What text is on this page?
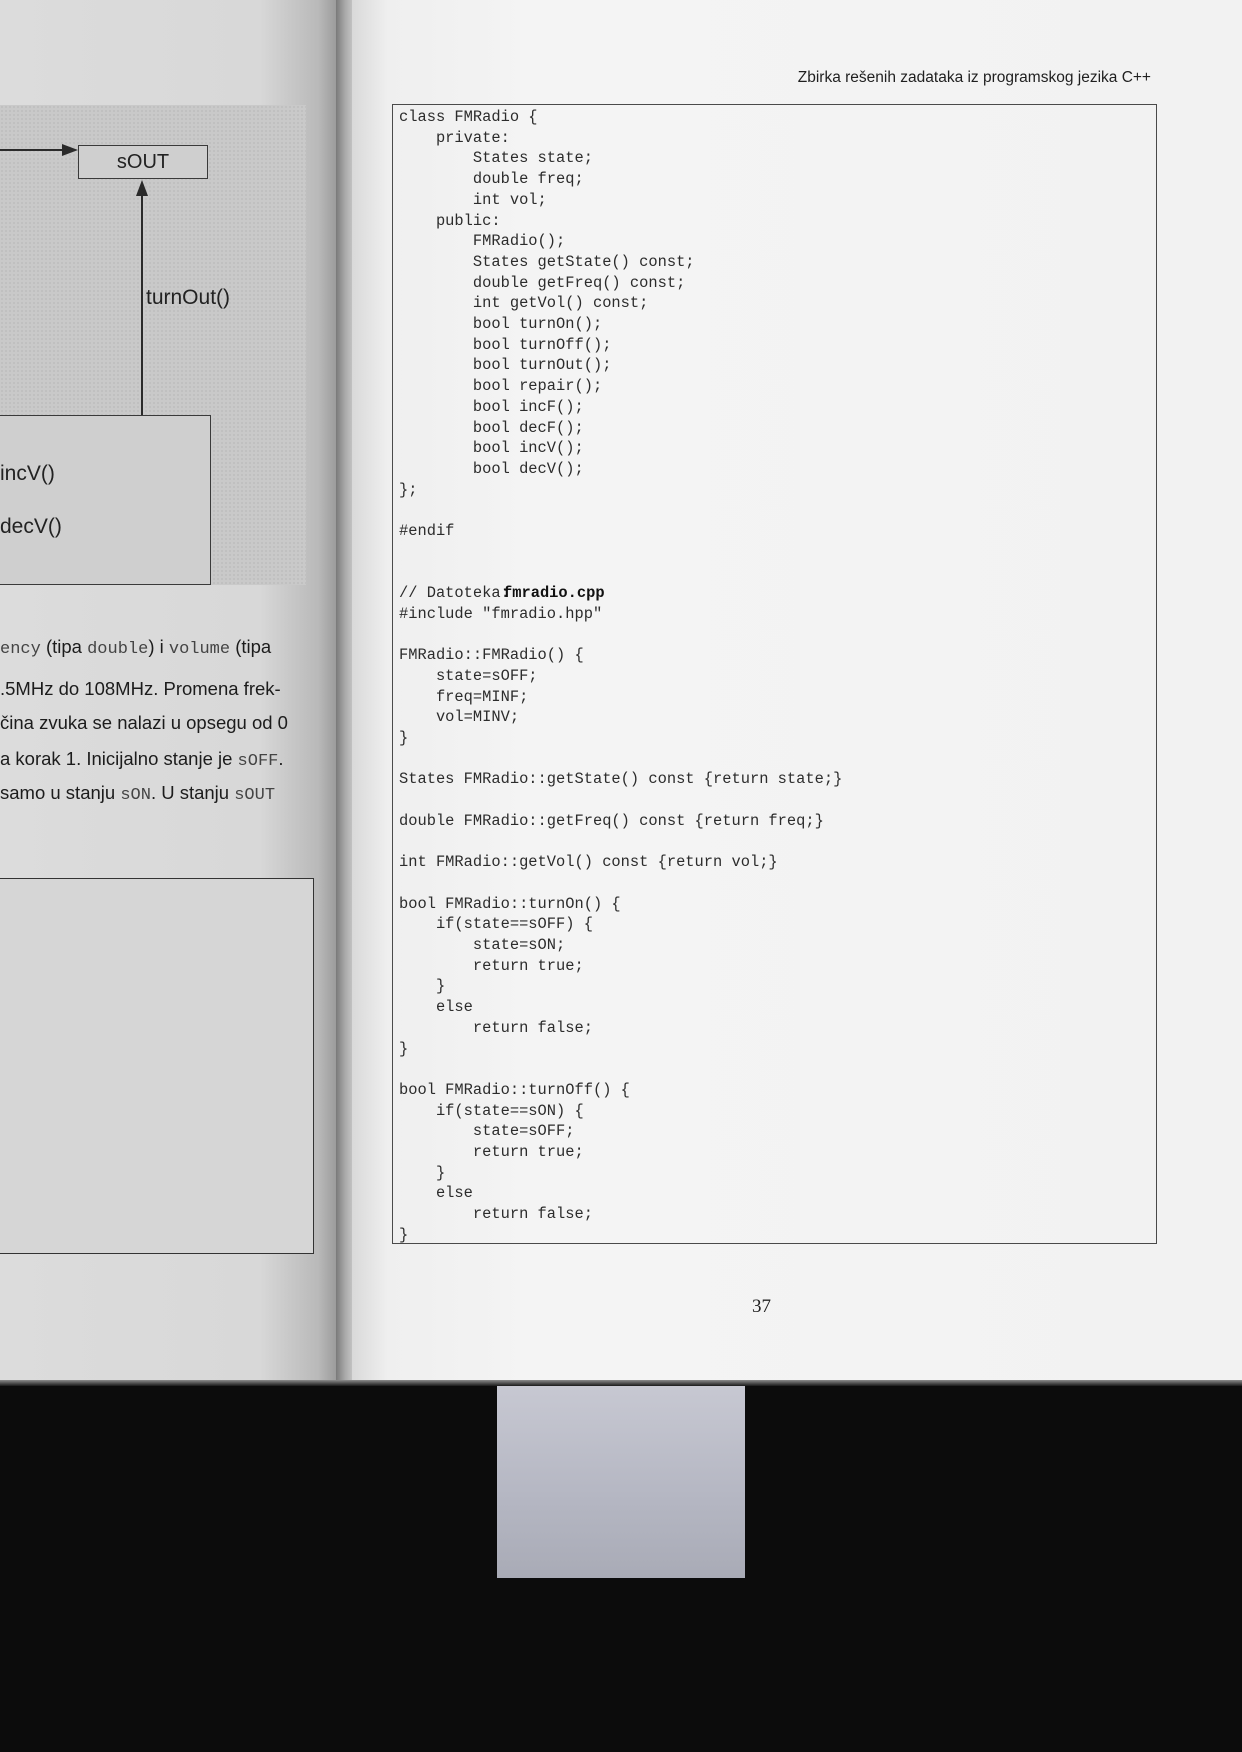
sOUT
turnOut()
incV()
decV()
ency (tipa double) i volume (tipa
.5MHz do 108MHz. Promena frek-
čina zvuka se nalazi u opsegu od 0
a korak 1. Inicijalno stanje je sOFF.
samo u stanju sON. U stanju sOUT
Zbirka rešenih zadataka iz programskog jezika C++
class FMRadio {
private:
States state;
double freq;
int vol;
public:
FMRadio();
States getState() const;
double getFreq() const;
int getVol() const;
bool turnOn();
bool turnOff();
bool turnOut();
bool repair();
bool incF();
bool decF();
bool incV();
bool decV();
};
#endif
// Datoteka:
fmradio.cpp
#include "fmradio.hpp"
FMRadio::FMRadio() {
state=sOFF;
freq=MINF;
vol=MINV;
}
States FMRadio::getState() const {return state;}
double FMRadio::getFreq() const {return freq;}
int FMRadio::getVol() const {return vol;}
bool FMRadio::turnOn() {
if(state==sOFF) {
state=sON;
return true;
}
else
return false;
}
bool FMRadio::turnOff() {
if(state==sON) {
state=sOFF;
return true;
}
else
return false;
}
37
